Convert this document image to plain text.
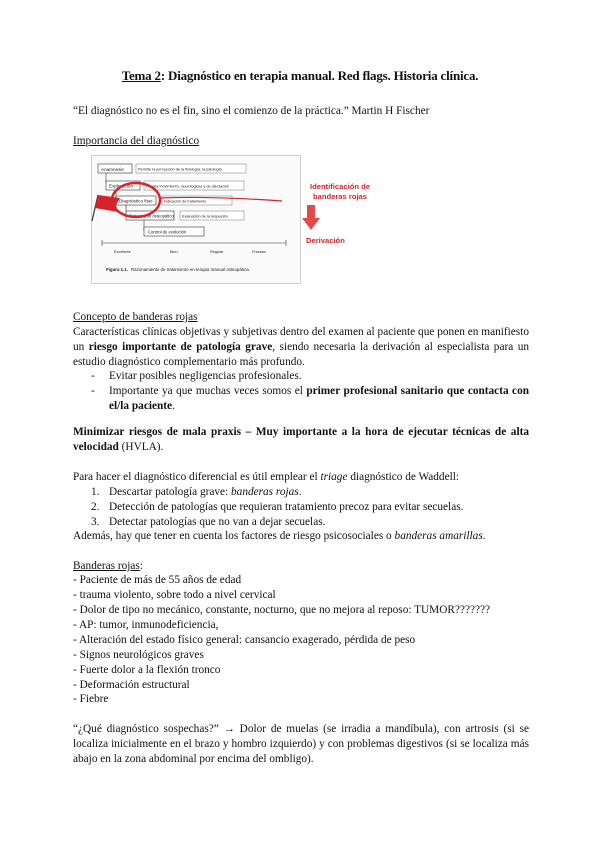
Tema 2: Diagnóstico en terapia manual. Red flags. Historia clínica.
“El diagnóstico no es el fin, sino el comienzo de la práctica.” Martin H Fischer
Importancia del diagnóstico
Anamnesis	Permite la percepción de la fisiología, la patología.
Exploración	Prueba movimiento, neurológicas y de afectación
Diagnóstico fisio	Indicación de tratamiento
Tratamiento osteopático Evaluación de la respuesta
Control de evolución
Excelente	Bien	Regular	Fracaso
Figura 1.1. Razonamiento de tratamiento en terapia manual osteopática.
Identificación de banderas rojas
Derivación
Concepto de banderas rojas
Características clínicas objetivas y subjetivas dentro del examen al paciente que ponen en manifiesto
un riesgo importante de patología grave, siendo necesaria la derivación al especialista para un
estudio diagnóstico complementario más profundo.
- Evitar posibles negligencias profesionales.
- Importante ya que muchas veces somos el primer profesional sanitario que contacta con
el/la paciente.
Minimizar riesgos de mala praxis – Muy importante a la hora de ejecutar técnicas de alta
velocidad (HVLA).
Para hacer el diagnóstico diferencial es útil emplear el triage diagnóstico de Waddell:
1. Descartar patología grave: banderas rojas.
2. Detección de patologías que requieran tratamiento precoz para evitar secuelas.
3. Detectar patologías que no van a dejar secuelas.
Además, hay que tener en cuenta los factores de riesgo psicosociales o banderas amarillas.
Banderas rojas:
- Paciente de más de 55 años de edad
- trauma violento, sobre todo a nivel cervical
- Dolor de tipo no mecánico, constante, nocturno, que no mejora al reposo: TUMOR???????
- AP: tumor, inmunodeficiencia,
- Alteración del estado físico general: cansancio exagerado, pérdida de peso
- Signos neurológicos graves
- Fuerte dolor a la flexión tronco
- Deformación estructural
- Fiebre
“¿Qué diagnóstico sospechas?” → Dolor de muelas (se irradia a mandíbula), con artrosis (si se
localiza inicialmente en el brazo y hombro izquierdo) y con problemas digestivos (si se localiza más
abajo en la zona abdominal por encima del ombligo).
